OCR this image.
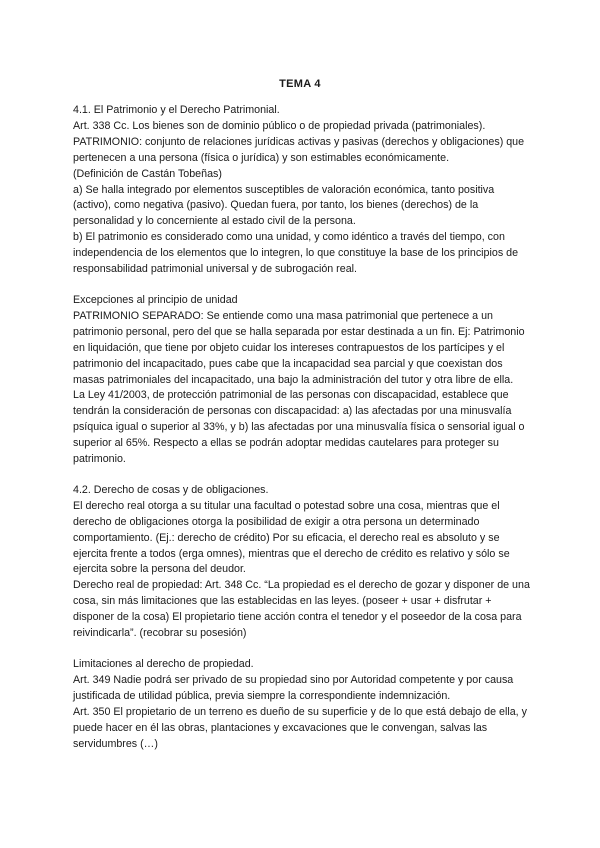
TEMA 4

4.1. El Patrimonio y el Derecho Patrimonial.

Art. 338 Cc. Los bienes son de dominio público o de propiedad privada (patrimoniales).

PATRIMONIO: conjunto de relaciones jurídicas activas y pasivas (derechos y obligaciones) que pertenecen a una persona (física o jurídica) y son estimables económicamente.

(Definición de Castán Tobeñas)

a) Se halla integrado por elementos susceptibles de valoración económica, tanto positiva (activo), como negativa (pasivo). Quedan fuera, por tanto, los bienes (derechos) de la personalidad y lo concerniente al estado civil de la persona.

b) El patrimonio es considerado como una unidad, y como idéntico a través del tiempo, con independencia de los elementos que lo integren, lo que constituye la base de los principios de responsabilidad patrimonial universal y de subrogación real.

Excepciones al principio de unidad

PATRIMONIO SEPARADO: Se entiende como una masa patrimonial que pertenece a un patrimonio personal, pero del que se halla separada por estar destinada a un fin. Ej: Patrimonio en liquidación, que tiene por objeto cuidar los intereses contrapuestos de los partícipes y el patrimonio del incapacitado, pues cabe que la incapacidad sea parcial y que coexistan dos masas patrimoniales del incapacitado, una bajo la administración del tutor y otra libre de ella.

La Ley 41/2003, de protección patrimonial de las personas con discapacidad, establece que tendrán la consideración de personas con discapacidad: a) las afectadas por una minusvalía psíquica igual o superior al 33%, y b) las afectadas por una minusvalía física o sensorial igual o superior al 65%. Respecto a ellas se podrán adoptar medidas cautelares para proteger su patrimonio.

4.2. Derecho de cosas y de obligaciones.

El derecho real otorga a su titular una facultad o potestad sobre una cosa, mientras que el derecho de obligaciones otorga la posibilidad de exigir a otra persona un determinado comportamiento. (Ej.: derecho de crédito) Por su eficacia, el derecho real es absoluto y se ejercita frente a todos (erga omnes), mientras que el derecho de crédito es relativo y sólo se ejercita sobre la persona del deudor.

Derecho real de propiedad: Art. 348 Cc. “La propiedad es el derecho de gozar y disponer de una cosa, sin más limitaciones que las establecidas en las leyes. (poseer + usar + disfrutar + disponer de la cosa) El propietario tiene acción contra el tenedor y el poseedor de la cosa para reivindicarla”. (recobrar su posesión)

Limitaciones al derecho de propiedad.

Art. 349 Nadie podrá ser privado de su propiedad sino por Autoridad competente y por causa justificada de utilidad pública, previa siempre la correspondiente indemnización.

Art. 350 El propietario de un terreno es dueño de su superficie y de lo que está debajo de ella, y puede hacer en él las obras, plantaciones y excavaciones que le convengan, salvas las servidumbres (…)
